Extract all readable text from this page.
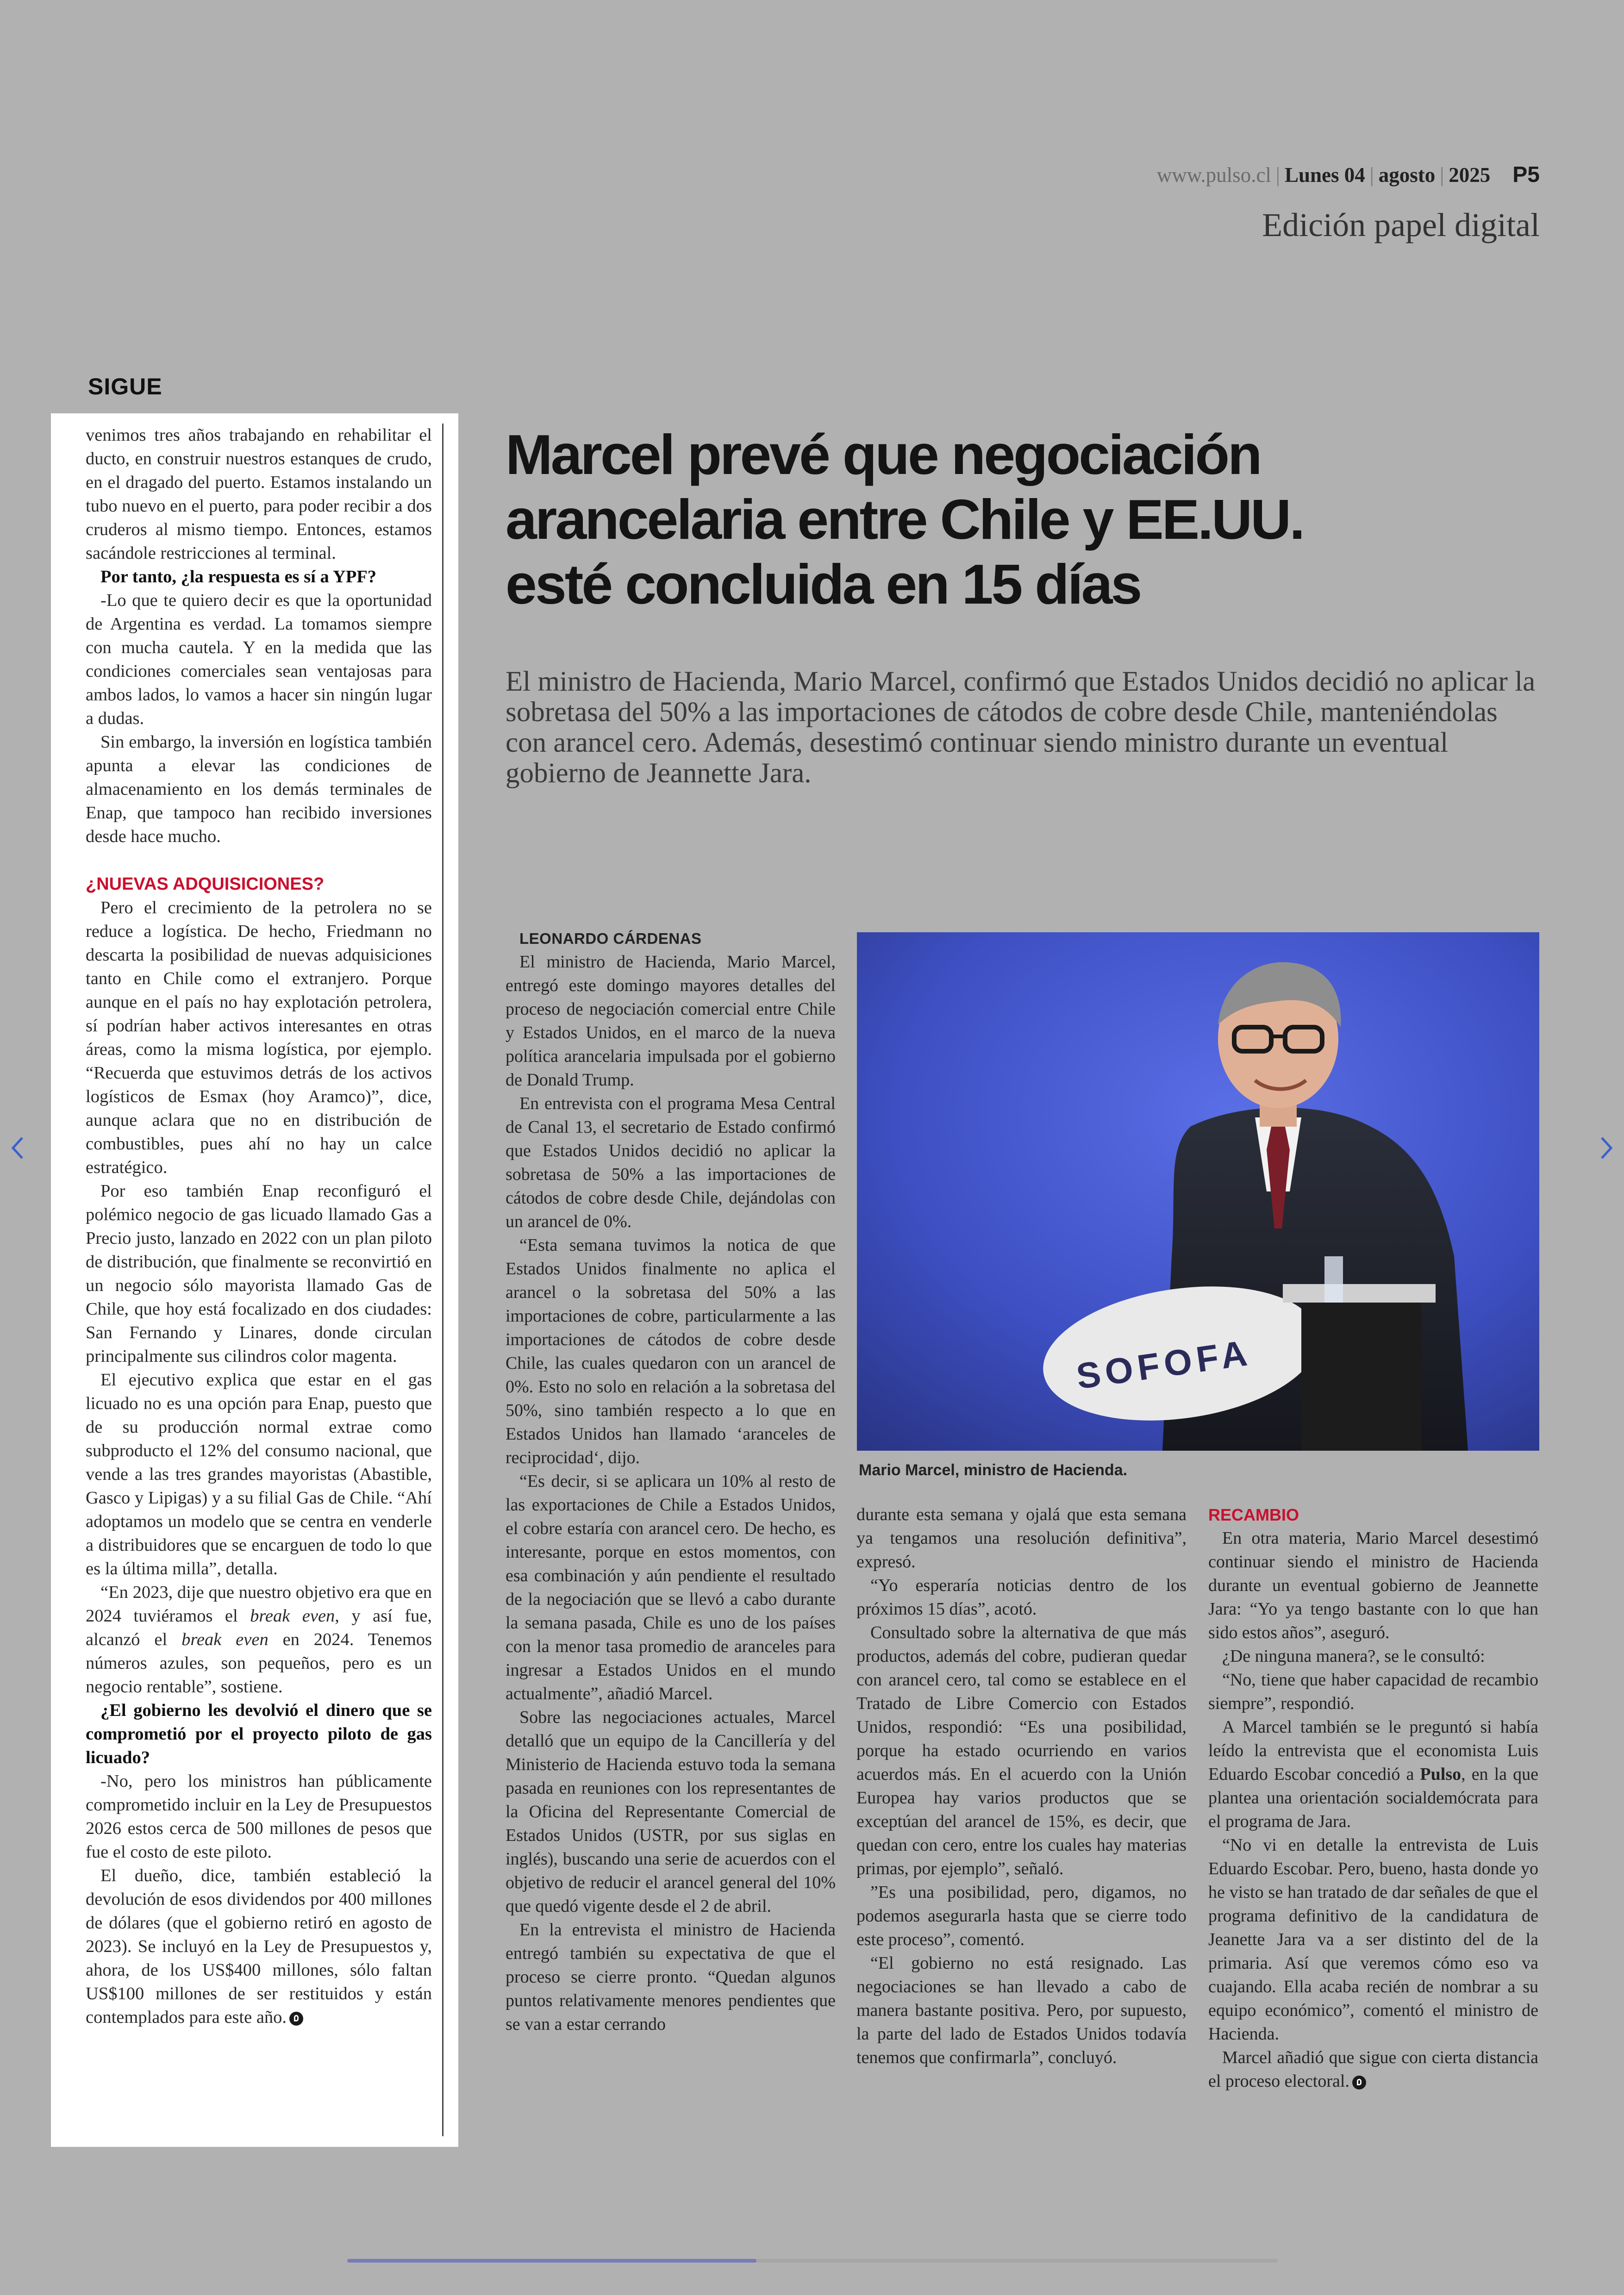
www.pulso.cl | Lunes 04 | agosto | 2025 P5
Edición papel digital
SIGUE

venimos tres años trabajando en rehabilitar el ducto, en construir nuestros estanques de crudo, en el dragado del puerto. Estamos instalando un tubo nuevo en el puerto, para poder recibir a dos cruderos al mismo tiempo. Entonces, estamos sacándole restricciones al terminal.

Por tanto, ¿la respuesta es sí a YPF?

-Lo que te quiero decir es que la oportunidad de Argentina es verdad. La tomamos siempre con mucha cautela. Y en la medida que las condiciones comerciales sean ventajosas para ambos lados, lo vamos a hacer sin ningún lugar a dudas.

Sin embargo, la inversión en logística también apunta a elevar las condiciones de almacenamiento en los demás terminales de Enap, que tampoco han recibido inversiones desde hace mucho.

¿NUEVAS ADQUISICIONES?

Pero el crecimiento de la petrolera no se reduce a logística. De hecho, Friedmann no descarta la posibilidad de nuevas adquisiciones tanto en Chile como el extranjero. Porque aunque en el país no hay explotación petrolera, sí podrían haber activos interesantes en otras áreas, como la misma logística, por ejemplo. “Recuerda que estuvimos detrás de los activos logísticos de Esmax (hoy Aramco)”, dice, aunque aclara que no en distribución de combustibles, pues ahí no hay un calce estratégico.

Por eso también Enap reconfiguró el polémico negocio de gas licuado llamado Gas a Precio justo, lanzado en 2022 con un plan piloto de distribución, que finalmente se reconvirtió en un negocio sólo mayorista llamado Gas de Chile, que hoy está focalizado en dos ciudades: San Fernando y Linares, donde circulan principalmente sus cilindros color magenta.

El ejecutivo explica que estar en el gas licuado no es una opción para Enap, puesto que de su producción normal extrae como subproducto el 12% del consumo nacional, que vende a las tres grandes mayoristas (Abastible, Gasco y Lipigas) y a su filial Gas de Chile. “Ahí adoptamos un modelo que se centra en venderle a distribuidores que se encarguen de todo lo que es la última milla”, detalla.

“En 2023, dije que nuestro objetivo era que en 2024 tuviéramos el break even, y así fue, alcanzó el break even en 2024. Tenemos números azules, son pequeños, pero es un negocio rentable”, sostiene.

¿El gobierno les devolvió el dinero que se comprometió por el proyecto piloto de gas licuado?

-No, pero los ministros han públicamente comprometido incluir en la Ley de Presupuestos 2026 estos cerca de 500 millones de pesos que fue el costo de este piloto.

El dueño, dice, también estableció la devolución de esos dividendos por 400 millones de dólares (que el gobierno retiró en agosto de 2023). Se incluyó en la Ley de Presupuestos y, ahora, de los US$400 millones, sólo faltan US$100 millones de ser restituidos y están contemplados para este año.

Marcel prevé que negociación arancelaria entre Chile y EE.UU. esté concluida en 15 días

El ministro de Hacienda, Mario Marcel, confirmó que Estados Unidos decidió no aplicar la sobretasa del 50% a las importaciones de cátodos de cobre desde Chile, manteniéndolas con arancel cero. Además, desestimó continuar siendo ministro durante un eventual gobierno de Jeannette Jara.

LEONARDO CÁRDENAS

El ministro de Hacienda, Mario Marcel, entregó este domingo mayores detalles del proceso de negociación comercial entre Chile y Estados Unidos, en el marco de la nueva política arancelaria impulsada por el gobierno de Donald Trump.

En entrevista con el programa Mesa Central de Canal 13, el secretario de Estado confirmó que Estados Unidos decidió no aplicar la sobretasa de 50% a las importaciones de cátodos de cobre desde Chile, dejándolas con un arancel de 0%.

“Esta semana tuvimos la notica de que Estados Unidos finalmente no aplica el arancel o la sobretasa del 50% a las importaciones de cobre, particularmente a las importaciones de cátodos de cobre desde Chile, las cuales quedaron con un arancel de 0%. Esto no solo en relación a la sobretasa del 50%, sino también respecto a lo que en Estados Unidos han llamado ‘aranceles de reciprocidad‘, dijo.

“Es decir, si se aplicara un 10% al resto de las exportaciones de Chile a Estados Unidos, el cobre estaría con arancel cero. De hecho, es interesante, porque en estos momentos, con esa combinación y aún pendiente el resultado de la negociación que se llevó a cabo durante la semana pasada, Chile es uno de los países con la menor tasa promedio de aranceles para ingresar a Estados Unidos en el mundo actualmente”, añadió Marcel.

Sobre las negociaciones actuales, Marcel detalló que un equipo de la Cancillería y del Ministerio de Hacienda estuvo toda la semana pasada en reuniones con los representantes de la Oficina del Representante Comercial de Estados Unidos (USTR, por sus siglas en inglés), buscando una serie de acuerdos con el objetivo de reducir el arancel general del 10% que quedó vigente desde el 2 de abril.

En la entrevista el ministro de Hacienda entregó también su expectativa de que el proceso se cierre pronto. “Quedan algunos puntos relativamente menores pendientes que se van a estar cerrando

SOFOFA
Mario Marcel, ministro de Hacienda.

durante esta semana y ojalá que esta semana ya tengamos una resolución definitiva”, expresó.

“Yo esperaría noticias dentro de los próximos 15 días”, acotó.

Consultado sobre la alternativa de que más productos, además del cobre, pudieran quedar con arancel cero, tal como se establece en el Tratado de Libre Comercio con Estados Unidos, respondió: “Es una posibilidad, porque ha estado ocurriendo en varios acuerdos más. En el acuerdo con la Unión Europea hay varios productos que se exceptúan del arancel de 15%, es decir, que quedan con cero, entre los cuales hay materias primas, por ejemplo”, señaló.

”Es una posibilidad, pero, digamos, no podemos asegurarla hasta que se cierre todo este proceso”, comentó.

“El gobierno no está resignado. Las negociaciones se han llevado a cabo de manera bastante positiva. Pero, por supuesto, la parte del lado de Estados Unidos todavía tenemos que confirmarla”, concluyó.

RECAMBIO

En otra materia, Mario Marcel desestimó continuar siendo el ministro de Hacienda durante un eventual gobierno de Jeannette Jara: “Yo ya tengo bastante con lo que han sido estos años”, aseguró.

¿De ninguna manera?, se le consultó:

“No, tiene que haber capacidad de recambio siempre”, respondió.

A Marcel también se le preguntó si había leído la entrevista que el economista Luis Eduardo Escobar concedió a Pulso, en la que plantea una orientación socialdemócrata para el programa de Jara.

“No vi en detalle la entrevista de Luis Eduardo Escobar. Pero, bueno, hasta donde yo he visto se han tratado de dar señales de que el programa definitivo de la candidatura de Jeanette Jara va a ser distinto del de la primaria. Así que veremos cómo eso va cuajando. Ella acaba recién de nombrar a su equipo económico”, comentó el ministro de Hacienda.

Marcel añadió que sigue con cierta distancia el proceso electoral.
